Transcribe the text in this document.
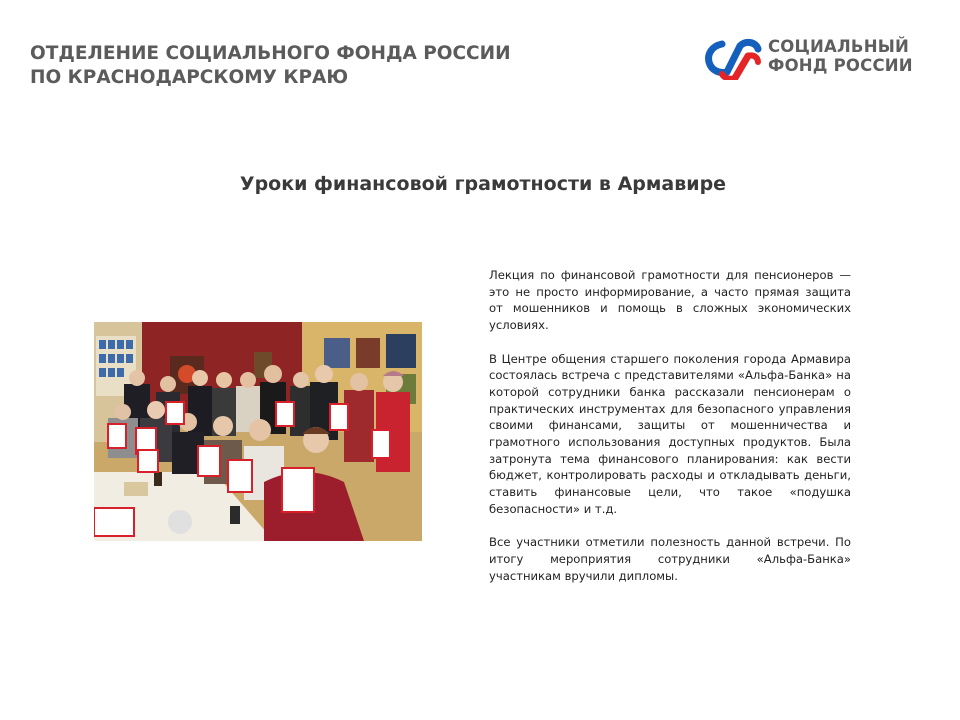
ОТДЕЛЕНИЕ СОЦИАЛЬНОГО ФОНДА РОССИИ
ПО КРАСНОДАРСКОМУ КРАЮ
СОЦИАЛЬНЫЙ
ФОНД РОССИИ
Уроки финансовой грамотности в Армавире

Лекция по финансовой грамотности для пенсионеров — это не просто информирование, а часто прямая защита от мошенников и помощь в сложных экономических условиях.

В Центре общения старшего поколения города Армавира состоялась встреча с представителями «Альфа-Банка» на которой сотрудники банка рассказали пенсионерам о практических инструментах для безопасного управления своими финансами, защиты от мошенничества и грамотного использования доступных продуктов. Была затронута тема финансового планирования: как вести бюджет, контролировать расходы и откладывать деньги, ставить финансовые цели, что такое «подушка безопасности» и т.д.

Все участники отметили полезность данной встречи. По итогу мероприятия сотрудники «Альфа-Банка» участникам вручили дипломы.
